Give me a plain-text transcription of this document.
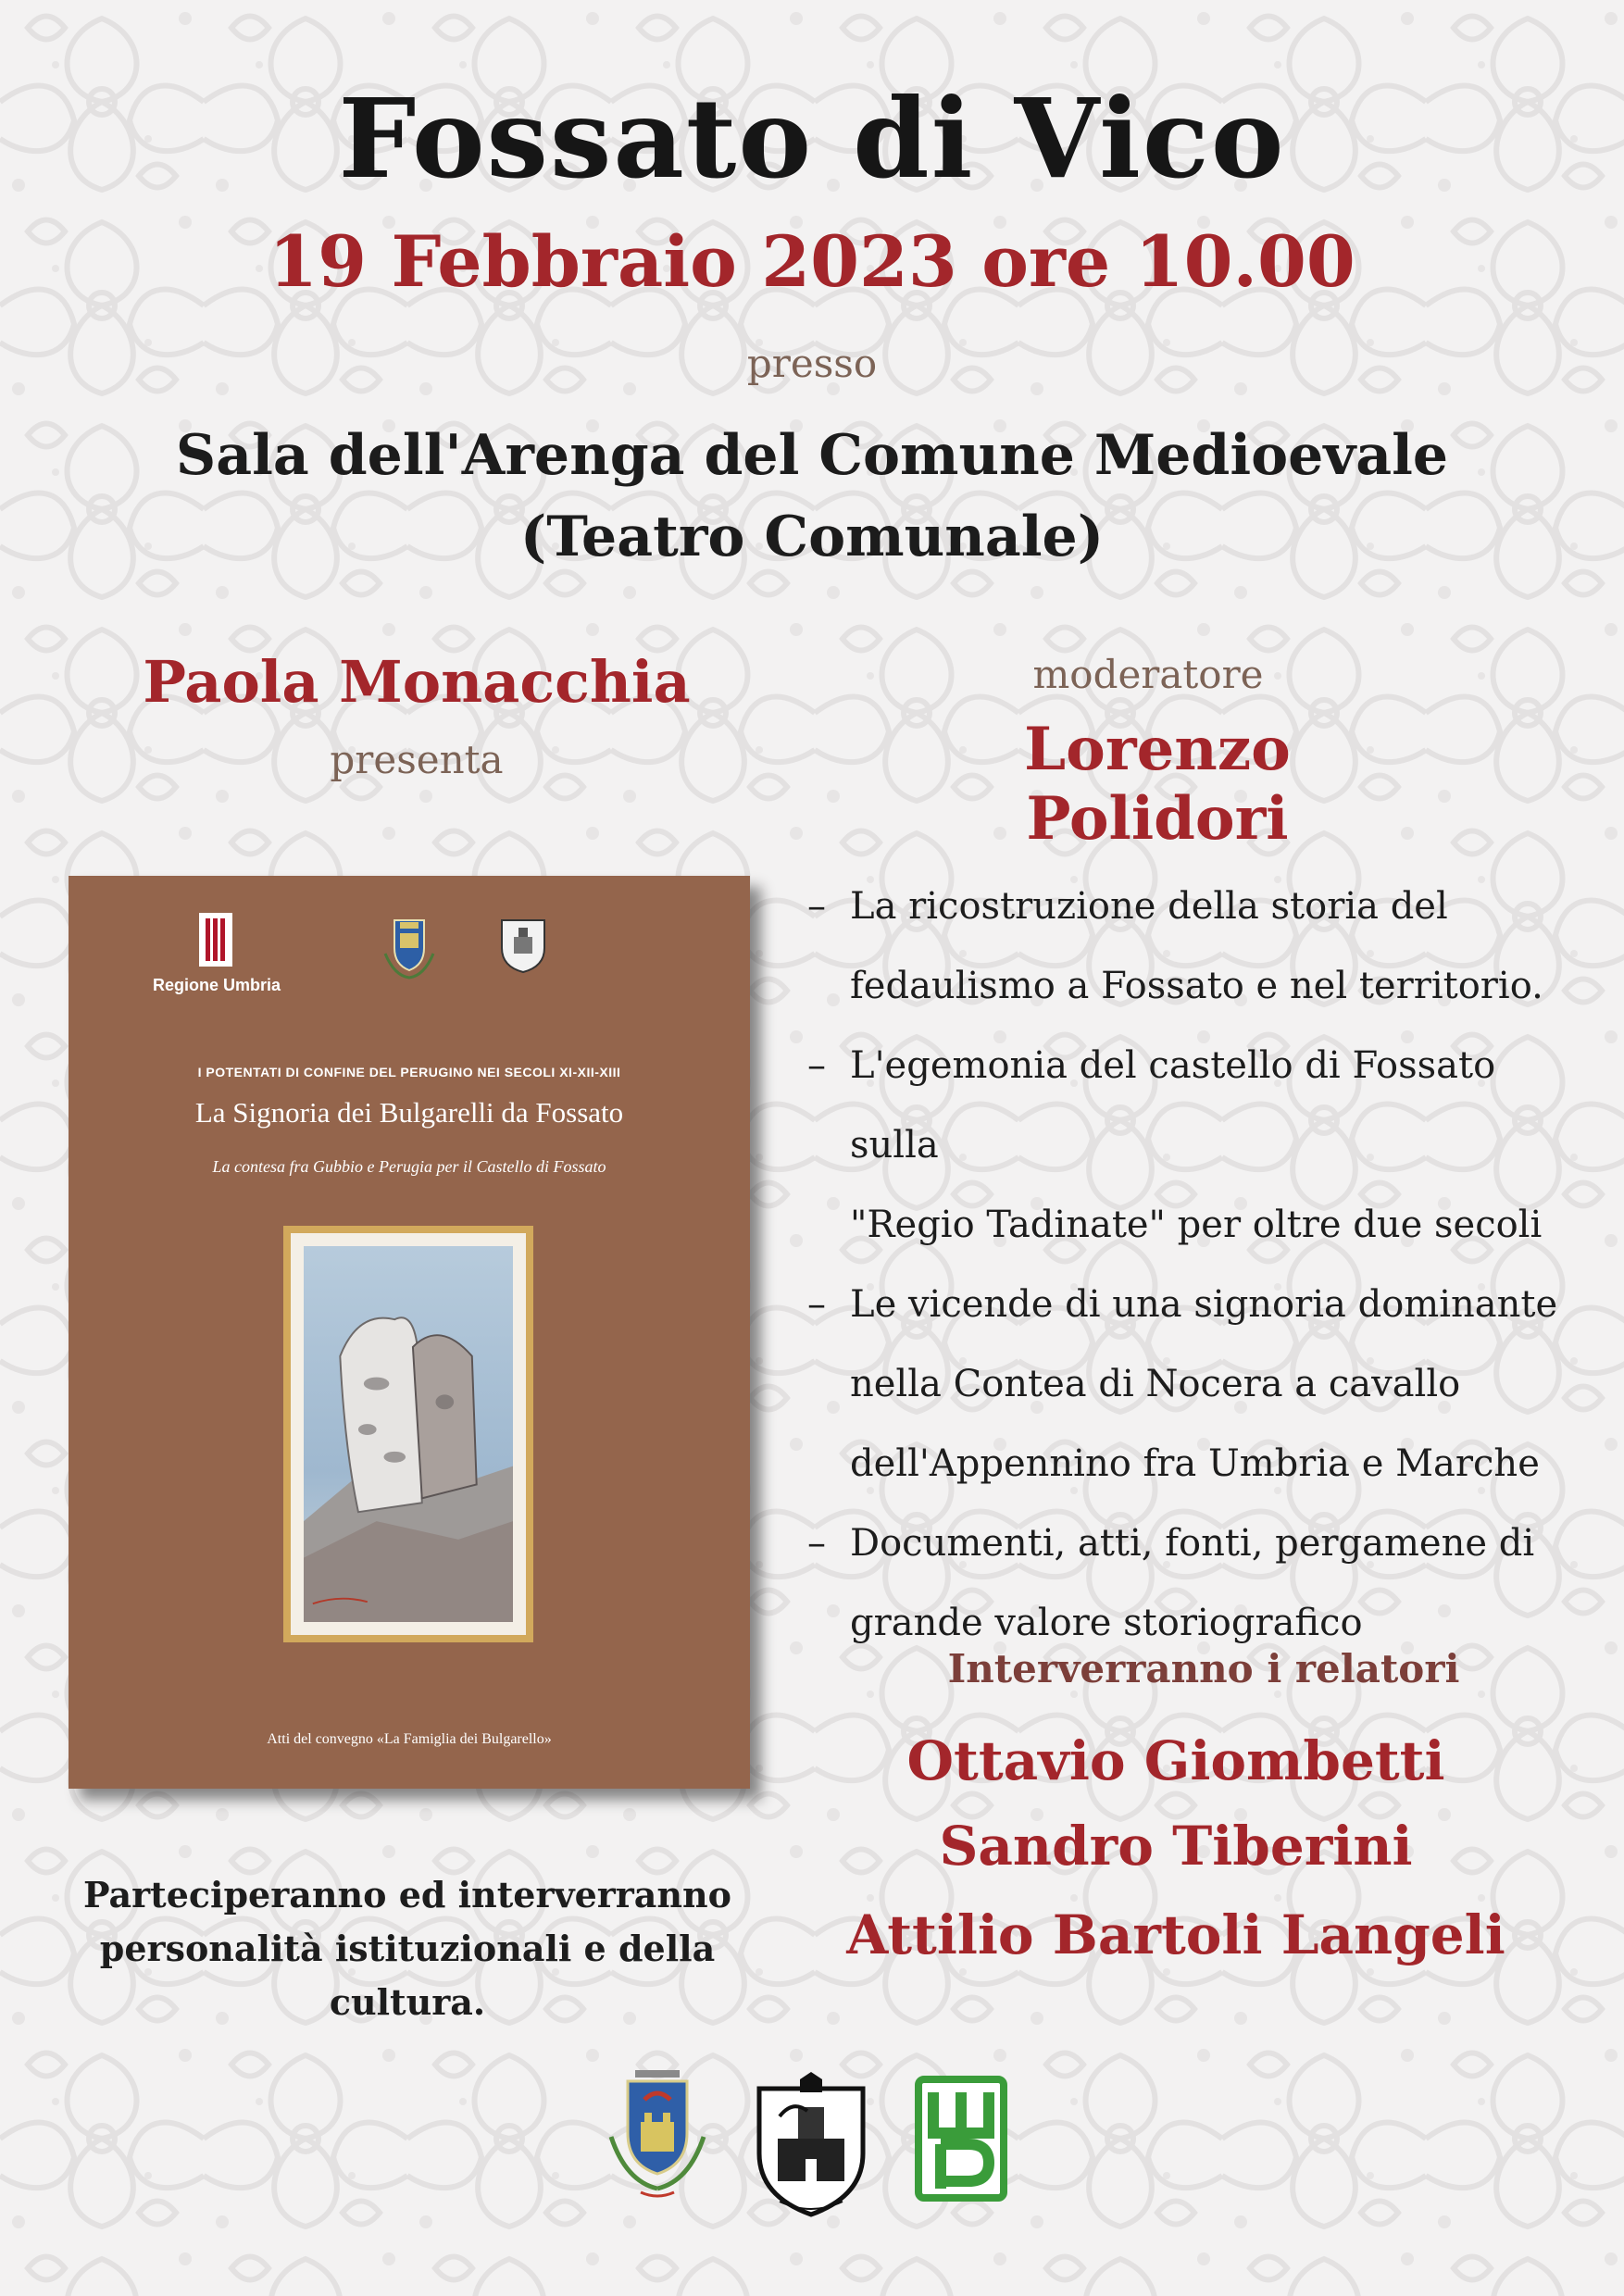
Fossato di Vico
19 Febbraio 2023 ore 10.00
presso
Sala dell'Arenga del Comune Medioevale
(Teatro Comunale)
Paola Monacchia
presenta
moderatore
Lorenzo Polidori
Regione Umbria
I POTENTATI DI CONFINE DEL PERUGINO NEI SECOLI XI-XII-XIII
La Signoria dei Bulgarelli da Fossato
La contesa fra Gubbio e Perugia per il Castello di Fossato
Atti del convegno «La Famiglia dei Bulgarello»
– La ricostruzione della storia del
fedaulismo a Fossato e nel territorio.
– L'egemonia del castello di Fossato sulla
"Regio Tadinate" per oltre due secoli
– Le vicende di una signoria dominante
nella Contea di Nocera a cavallo
dell'Appennino fra Umbria e Marche
– Documenti, atti, fonti, pergamene di
grande valore storiografico
Interverranno i relatori
Ottavio Giombetti
Sandro Tiberini
Attilio Bartoli Langeli
Parteciperanno ed interverranno
personalità istituzionali e della cultura.
